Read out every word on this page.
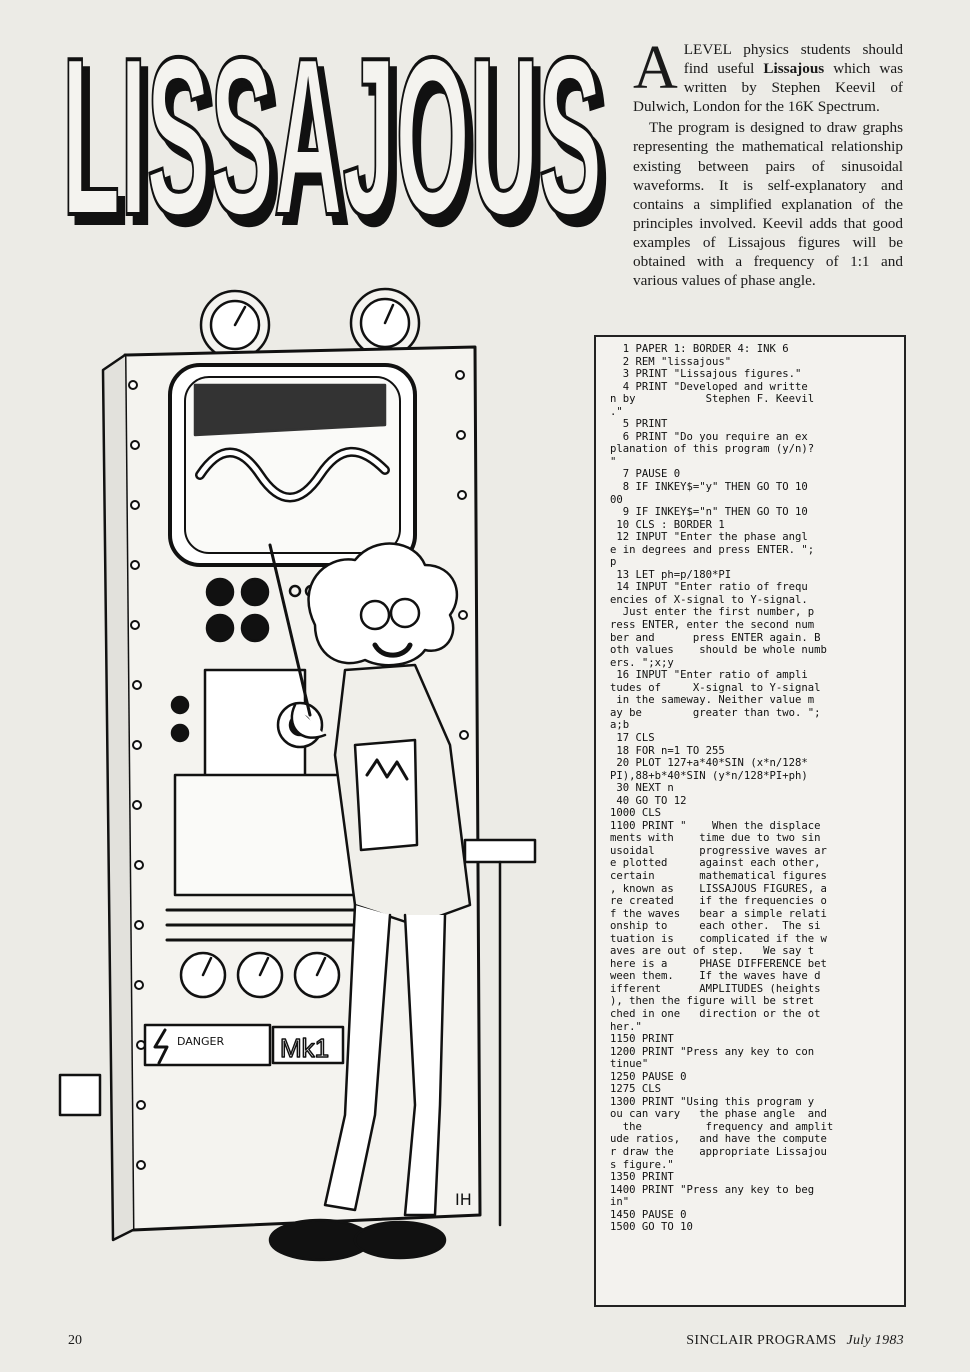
LISSAJOUS
LISSAJOUS A LEVEL physics students should find useful Lissajous which was written by Stephen Keevil of Dulwich, London for the 16K Spectrum.

The program is designed to draw graphs representing the mathematical relationship existing between pairs of sinusoidal waveforms. It is self-explanatory and contains a simplified explanation of the principles involved. Keevil adds that good examples of Lissajous figures will be obtained with a frequency of 1:1 and various values of phase angle.

DANGER Mk1
IH
1 PAPER 1: BORDER 4: INK 6
2 REM "lissajous"
3 PRINT "Lissajous figures."
4 PRINT "Developed and writte
n by           Stephen F. Keevil
."
5 PRINT
6 PRINT "Do you require an ex
planation of this program (y/n)?
"
7 PAUSE 0
8 IF INKEY$="y" THEN GO TO 10
00
9 IF INKEY$="n" THEN GO TO 10
10 CLS : BORDER 1
12 INPUT "Enter the phase angl
e in degrees and press ENTER. ";
p
13 LET ph=p/180*PI
14 INPUT "Enter ratio of frequ
encies of X-signal to Y-signal.
Just enter the first number, p
ress ENTER, enter the second num
ber and      press ENTER again. B
oth values    should be whole numb
ers. ";x;y
16 INPUT "Enter ratio of ampli
tudes of     X-signal to Y-signal
in the sameway. Neither value m
ay be        greater than two. ";
a;b
17 CLS
18 FOR n=1 TO 255
20 PLOT 127+a*40*SIN (x*n/128*
PI),88+b*40*SIN (y*n/128*PI+ph)
30 NEXT n
40 GO TO 12
1000 CLS
1100 PRINT "    When the displace
ments with    time due to two sin
usoidal       progressive waves ar
e plotted     against each other,
certain       mathematical figures
, known as    LISSAJOUS FIGURES, a
re created    if the frequencies o
f the waves   bear a simple relati
onship to     each other.  The si
tuation is    complicated if the w
aves are out of step.   We say t
here is a     PHASE DIFFERENCE bet
ween them.    If the waves have d
ifferent      AMPLITUDES (heights
), then the figure will be stret
ched in one   direction or the ot
her."
1150 PRINT
1200 PRINT "Press any key to con
tinue"
1250 PAUSE 0
1275 CLS
1300 PRINT "Using this program y
ou can vary   the phase angle  and
the          frequency and amplit
ude ratios,   and have the compute
r draw the    appropriate Lissajou
s figure."
1350 PRINT
1400 PRINT "Press any key to beg
in"
1450 PAUSE 0
1500 GO TO 10
20	SINCLAIR PROGRAMS July 1983
